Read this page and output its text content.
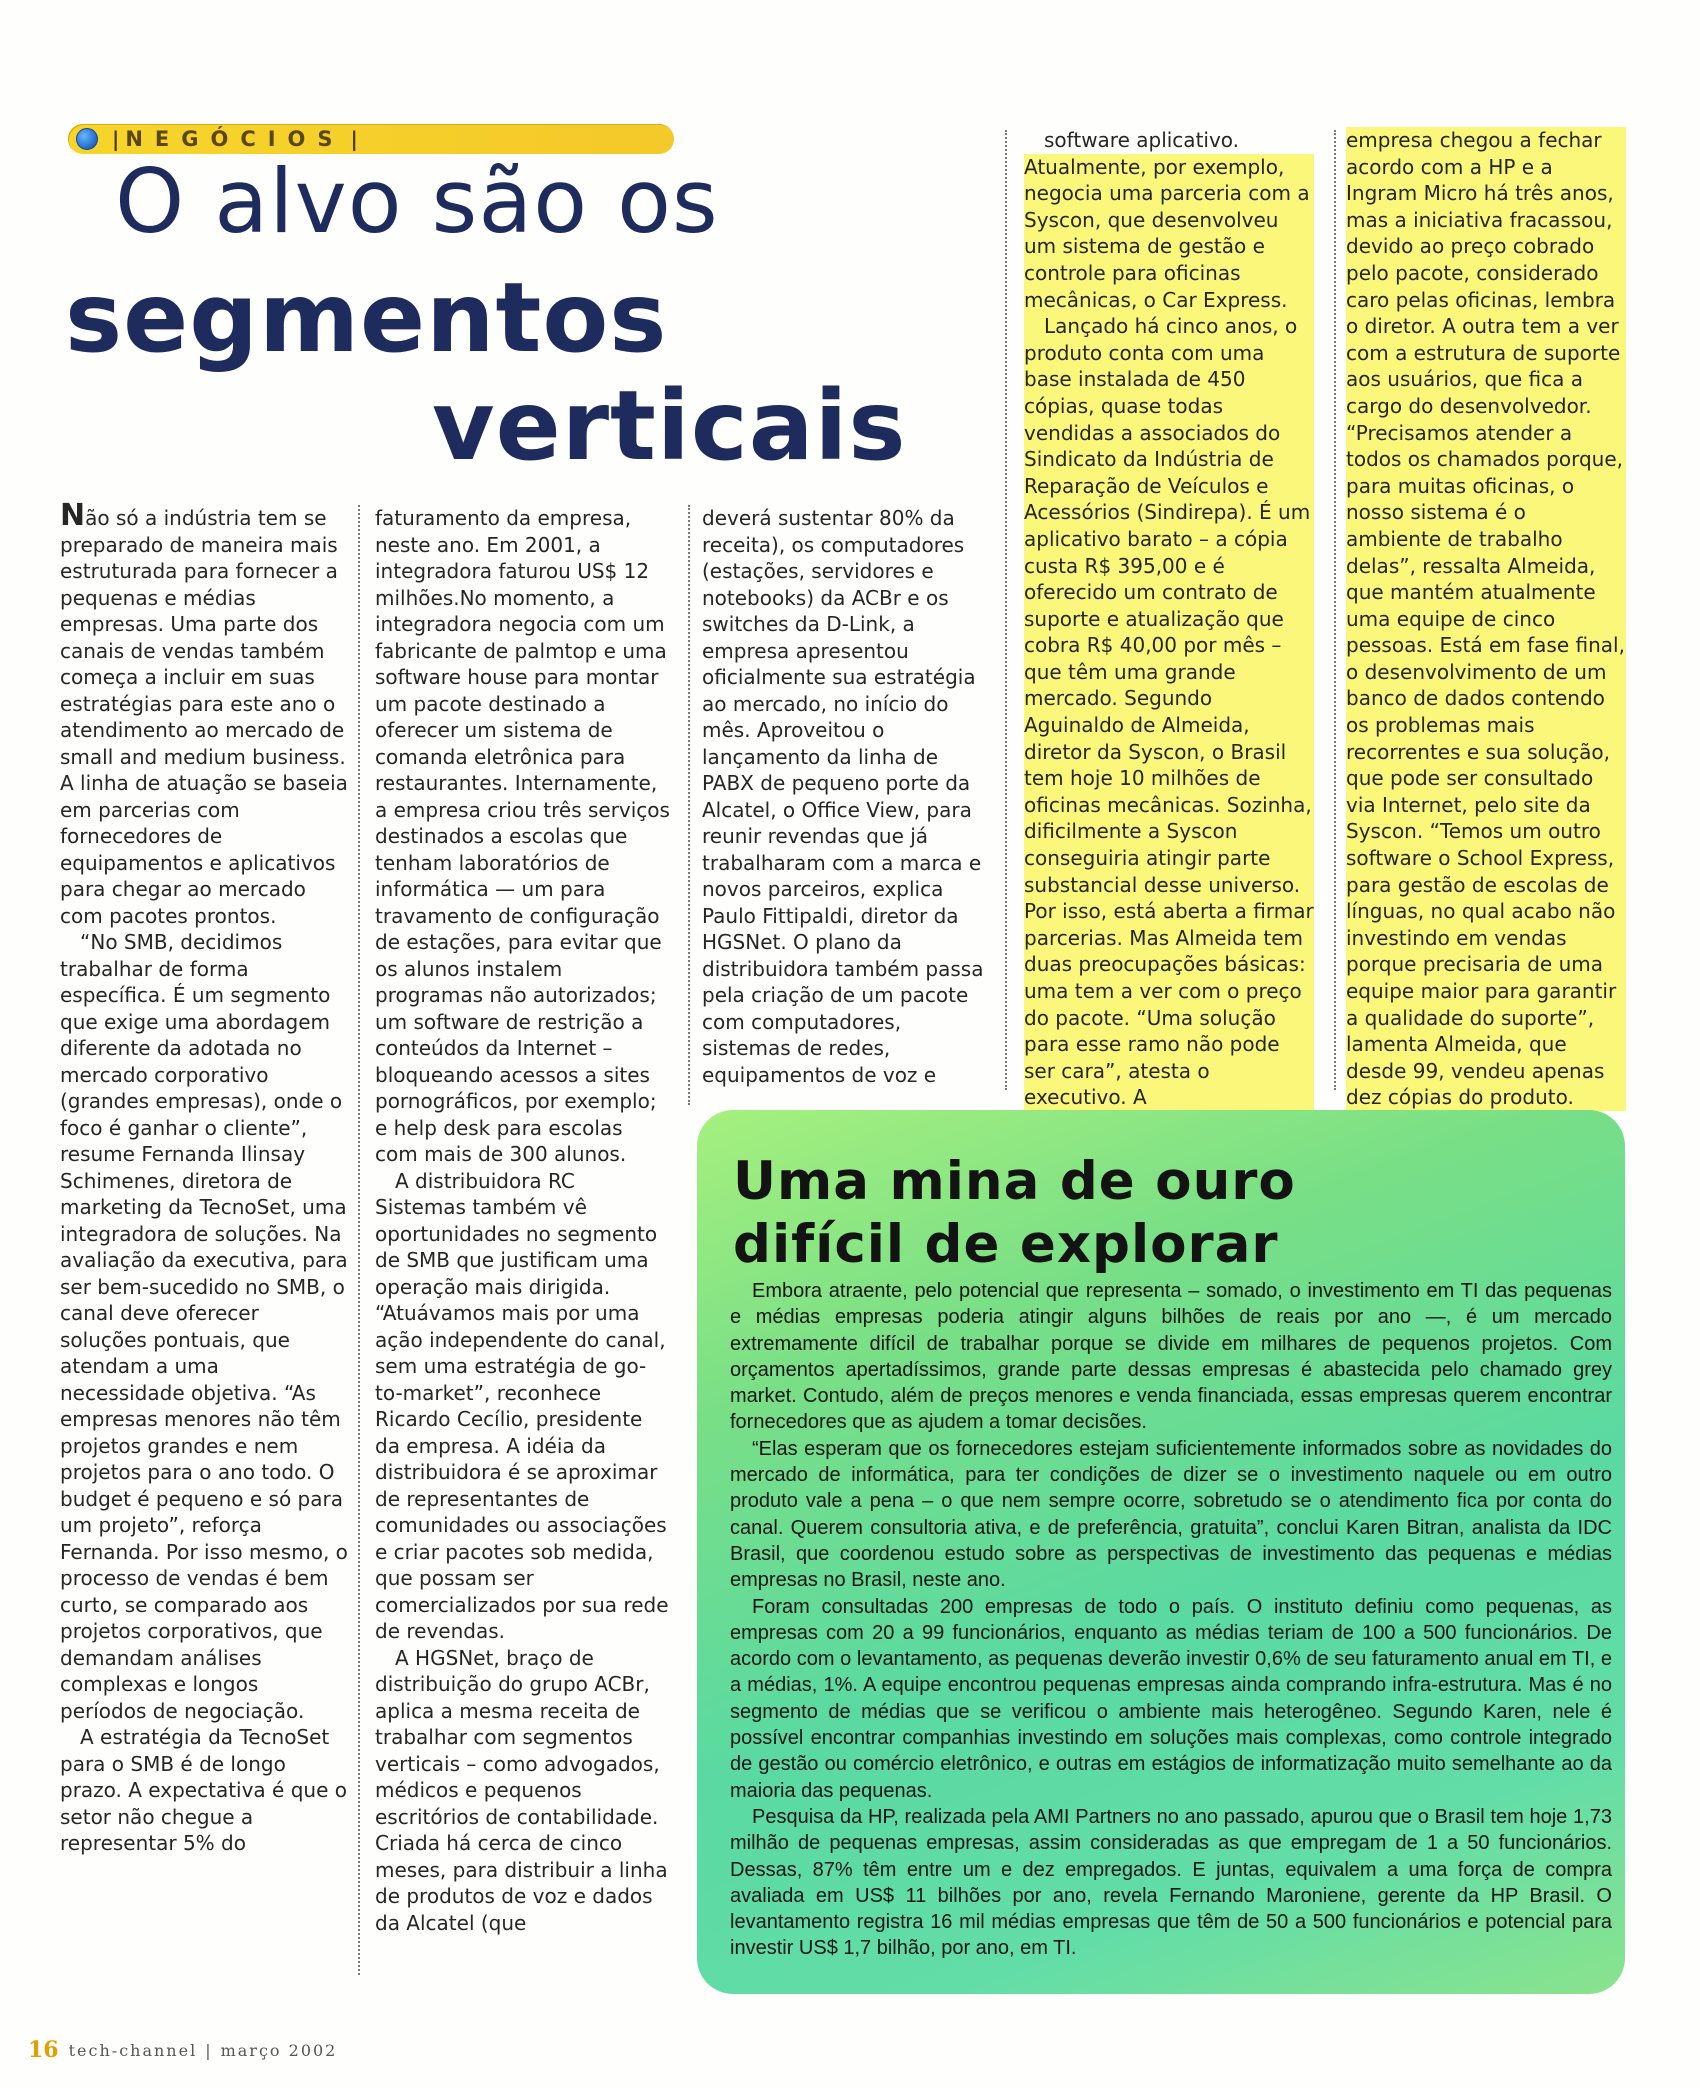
| NEGÓCIOS |
O alvo são os
segmentos
verticais

Não só a indústria tem se preparado de maneira mais estruturada para fornecer a pequenas e médias empresas. Uma parte dos canais de vendas também começa a incluir em suas estratégias para este ano o atendimento ao mercado de small and medium business. A linha de atuação se baseia em parcerias com fornecedores de equipamentos e aplicativos para chegar ao mercado com pacotes prontos.

“No SMB, decidimos trabalhar de forma específica. É um segmento que exige uma abordagem diferente da adotada no mercado corporativo (grandes empresas), onde o foco é ganhar o cliente”, resume Fernanda Ilinsay Schimenes, diretora de marketing da TecnoSet, uma integradora de soluções. Na avaliação da executiva, para ser bem-sucedido no SMB, o canal deve oferecer soluções pontuais, que atendam a uma necessidade objetiva. “As empresas menores não têm projetos grandes e nem projetos para o ano todo. O budget é pequeno e só para um projeto”, reforça Fernanda. Por isso mesmo, o processo de vendas é bem curto, se comparado aos projetos corporativos, que demandam análises complexas e longos períodos de negociação.

A estratégia da TecnoSet para o SMB é de longo prazo. A expectativa é que o setor não chegue a representar 5% do

faturamento da empresa, neste ano. Em 2001, a integradora faturou US$ 12 milhões.No momento, a integradora negocia com um fabricante de palmtop e uma software house para montar um pacote destinado a oferecer um sistema de comanda eletrônica para restaurantes. Internamente, a empresa criou três serviços destinados a escolas que tenham laboratórios de informática — um para travamento de configuração de estações, para evitar que os alunos instalem programas não autorizados; um software de restrição a conteúdos da Internet – bloqueando acessos a sites pornográficos, por exemplo; e help desk para escolas com mais de 300 alunos.

A distribuidora RC Sistemas também vê oportunidades no segmento de SMB que justificam uma operação mais dirigida. “Atuávamos mais por uma ação independente do canal, sem uma estratégia de go-to-market”, reconhece Ricardo Cecílio, presidente da empresa. A idéia da distribuidora é se aproximar de representantes de comunidades ou associações e criar pacotes sob medida, que possam ser comercializados por sua rede de revendas.

A HGSNet, braço de distribuição do grupo ACBr, aplica a mesma receita de trabalhar com segmentos verticais – como advogados, médicos e pequenos escritórios de contabilidade. Criada há cerca de cinco meses, para distribuir a linha de produtos de voz e dados da Alcatel (que

deverá sustentar 80% da receita), os computadores (estações, servidores e notebooks) da ACBr e os switches da D-Link, a empresa apresentou oficialmente sua estratégia ao mercado, no início do mês. Aproveitou o lançamento da linha de PABX de pequeno porte da Alcatel, o Office View, para reunir revendas que já trabalharam com a marca e novos parceiros, explica Paulo Fittipaldi, diretor da HGSNet. O plano da distribuidora também passa pela criação de um pacote com computadores, sistemas de redes, equipamentos de voz e

software aplicativo.

Atualmente, por exemplo, negocia uma parceria com a Syscon, que desenvolveu um sistema de gestão e controle para oficinas mecânicas, o Car Express.

Lançado há cinco anos, o produto conta com uma base instalada de 450 cópias, quase todas vendidas a associados do Sindicato da Indústria de Reparação de Veículos e Acessórios (Sindirepa). É um aplicativo barato – a cópia custa R$ 395,00 e é oferecido um contrato de suporte e atualização que cobra R$ 40,00 por mês – que têm uma grande mercado. Segundo Aguinaldo de Almeida, diretor da Syscon, o Brasil tem hoje 10 milhões de oficinas mecânicas. Sozinha, dificilmente a Syscon conseguiria atingir parte substancial desse universo. Por isso, está aberta a firmar parcerias. Mas Almeida tem duas preocupações básicas: uma tem a ver com o preço do pacote. “Uma solução para esse ramo não pode ser cara”, atesta o executivo. A

empresa chegou a fechar acordo com a HP e a Ingram Micro há três anos, mas a iniciativa fracassou, devido ao preço cobrado pelo pacote, considerado caro pelas oficinas, lembra o diretor. A outra tem a ver com a estrutura de suporte aos usuários, que fica a cargo do desenvolvedor. “Precisamos atender a todos os chamados porque, para muitas oficinas, o nosso sistema é o ambiente de trabalho delas”, ressalta Almeida, que mantém atualmente uma equipe de cinco pessoas. Está em fase final, o desenvolvimento de um banco de dados contendo os problemas mais recorrentes e sua solução, que pode ser consultado via Internet, pelo site da Syscon. “Temos um outro software o School Express, para gestão de escolas de línguas, no qual acabo não investindo em vendas porque precisaria de uma equipe maior para garantir a qualidade do suporte”, lamenta Almeida, que desde 99, vendeu apenas dez cópias do produto.

Uma mina de ouro
difícil de explorar

Embora atraente, pelo potencial que representa – somado, o investimento em TI das pequenas e médias empresas poderia atingir alguns bilhões de reais por ano —, é um mercado extremamente difícil de trabalhar porque se divide em milhares de pequenos projetos. Com orçamentos apertadíssimos, grande parte dessas empresas é abastecida pelo chamado grey market. Contudo, além de preços menores e venda financiada, essas empresas querem encontrar fornecedores que as ajudem a tomar decisões.

“Elas esperam que os fornecedores estejam suficientemente informados sobre as novidades do mercado de informática, para ter condições de dizer se o investimento naquele ou em outro produto vale a pena – o que nem sempre ocorre, sobretudo se o atendimento fica por conta do canal. Querem consultoria ativa, e de preferência, gratuita”, conclui Karen Bitran, analista da IDC Brasil, que coordenou estudo sobre as perspectivas de investimento das pequenas e médias empresas no Brasil, neste ano.

Foram consultadas 200 empresas de todo o país. O instituto definiu como pequenas, as empresas com 20 a 99 funcionários, enquanto as médias teriam de 100 a 500 funcionários. De acordo com o levantamento, as pequenas deverão investir 0,6% de seu faturamento anual em TI, e a médias, 1%. A equipe encontrou pequenas empresas ainda comprando infra-estrutura. Mas é no segmento de médias que se verificou o ambiente mais heterogêneo. Segundo Karen, nele é possível encontrar companhias investindo em soluções mais complexas, como controle integrado de gestão ou comércio eletrônico, e outras em estágios de informatização muito semelhante ao da maioria das pequenas.

Pesquisa da HP, realizada pela AMI Partners no ano passado, apurou que o Brasil tem hoje 1,73 milhão de pequenas empresas, assim consideradas as que empregam de 1 a 50 funcionários. Dessas, 87% têm entre um e dez empregados. E juntas, equivalem a uma força de compra avaliada em US$ 11 bilhões por ano, revela Fernando Maroniene, gerente da HP Brasil. O levantamento registra 16 mil médias empresas que têm de 50 a 500 funcionários e potencial para investir US$ 1,7 bilhão, por ano, em TI.

16 tech-channel | março 2002
